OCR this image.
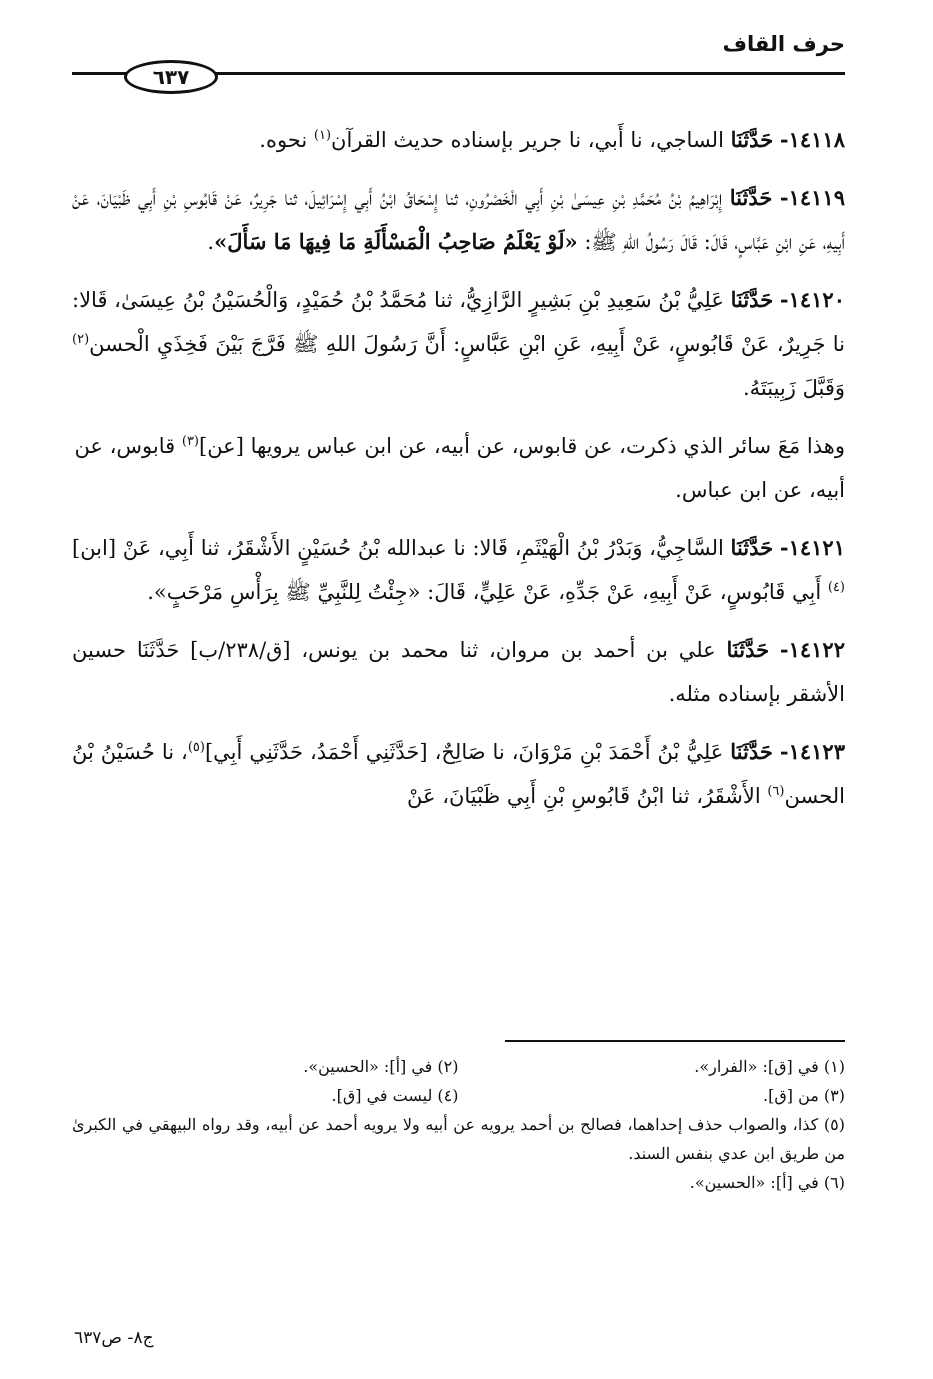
حرف القاف
٦٣٧

١٤١١٨- حَدَّثَنَا الساجي، نا أَبي، نا جرير بإسناده حديث القرآن$^{(١)}$ نحوه.

١٤١١٩- حَدَّثَنَا إِبْرَاهِيمُ بْنُ مُحَمَّدِ بْنِ عِيسَىٰ بْنِ أَبِي الْخَصْرُونِ، ثنا إِسْحَاقُ ابْنُ أَبِي إِسْرَائِيلَ، ثنا جَرِيرٌ، عَنْ قَابُوسِ بْنِ أَبِي ظَبْيَانَ، عَنْ أَبِيهِ، عَنِ ابْنِ عَبَّاسٍ، قَالَ: قَالَ رَسُولُ اللهِ ﷺ: «لَوْ يَعْلَمُ صَاحِبُ الْمَسْأَلَةِ مَا فِيهَا مَا سَأَلَ».

١٤١٢٠- حَدَّثَنَا عَلِيُّ بْنُ سَعِيدِ بْنِ بَشِيرٍ الرَّازِيُّ، ثنا مُحَمَّدُ بْنُ حُمَيْدٍ، وَالْحُسَيْنُ بْنُ عِيسَىٰ، قَالا: نا جَرِيرٌ، عَنْ قَابُوسٍ، عَنْ أَبِيهِ، عَنِ ابْنِ عَبَّاسٍ: أَنَّ رَسُولَ اللهِ ﷺ فَرَّجَ بَيْنَ فَخِذَيِ الْحسن$^{(٢)}$ وَقَبَّلَ زَبِيبَتَهُ.

وهذا مَعَ سائر الذي ذكرت، عن قابوس، عن أبيه، عن ابن عباس يرويها [عن]$^{(٣)}$ قابوس، عن أبيه، عن ابن عباس.

١٤١٢١- حَدَّثَنَا السَّاجِيُّ، وَبَدْرُ بْنُ الْهَيْثَمِ، قَالا: نا عبدالله بْنُ حُسَيْنٍ الأَشْقَرُ، ثنا أَبِي، عَنْ [ابن]$^{(٤)}$ أَبِي قَابُوسٍ، عَنْ أَبِيهِ، عَنْ جَدِّهِ، عَنْ عَلِيٍّ، قَالَ: «جِئْتُ لِلنَّبِيِّ ﷺ بِرَأْسِ مَرْحَبٍ».

١٤١٢٢- حَدَّثَنَا علي بن أحمد بن مروان، ثنا محمد بن يونس، [ق/٢٣٨/ب] حَدَّثَنَا حسين الأشقر بإسناده مثله.

١٤١٢٣- حَدَّثَنَا عَلِيُّ بْنُ أَحْمَدَ بْنِ مَرْوَانَ، نا صَالِحٌ، [حَدَّثَنِي أَحْمَدُ، حَدَّثَنِي أَبِي]$^{(٥)}$، نا حُسَيْنُ بْنُ الحسن$^{(٦)}$ الأَشْقَرُ، ثنا ابْنُ قَابُوسِ بْنِ أَبِي ظَبْيَانَ، عَنْ

(١) في [ق]: «الفرار».
(٢) في [أ]: «الحسين».
(٣) من [ق].
(٤) ليست في [ق].
(٥) كذا، والصواب حذف إحداهما، فصالح بن أحمد يرويه عن أبيه ولا يرويه أحمد عن أبيه، وقد رواه البيهقي في الكبرىٰ من طريق ابن عدي بنفس السند.
(٦) في [أ]: «الحسين».
ج٨- ص٦٣٧
